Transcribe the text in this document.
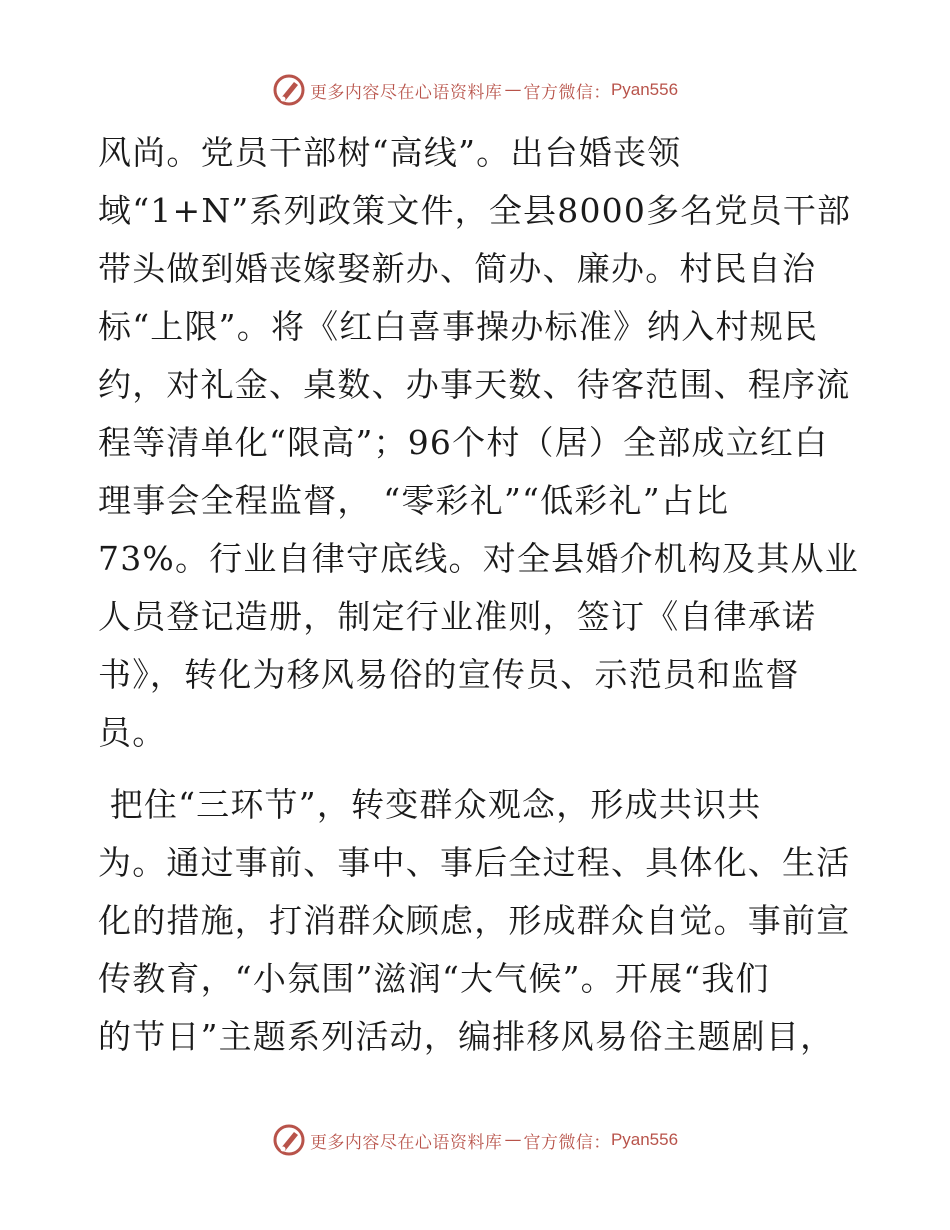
更多内容尽在心语资料库 — 官方微信： Pyan556
风尚。党员干部树“高线”。出台婚丧领
域“1+N”系列政策文件，全县8000多名党员干部
带头做到婚丧嫁娶新办、简办、廉办。村民自治
标“上限”。将《红白喜事操办标准》纳入村规民
约，对礼金、桌数、办事天数、待客范围、程序流
程等清单化“限高”；96个村（居）全部成立红白
理事会全程监督， “零彩礼”“低彩礼”占比
73%。行业自律守底线。对全县婚介机构及其从业
人员登记造册，制定行业准则，签订《自律承诺
书》，转化为移风易俗的宣传员、示范员和监督
员。
把住“三环节”，转变群众观念，形成共识共
为。通过事前、事中、事后全过程、具体化、生活
化的措施，打消群众顾虑，形成群众自觉。事前宣
传教育，“小氛围”滋润“大气候”。开展“我们
的节日”主题系列活动，编排移风易俗主题剧目，
更多内容尽在心语资料库 — 官方微信： Pyan556
